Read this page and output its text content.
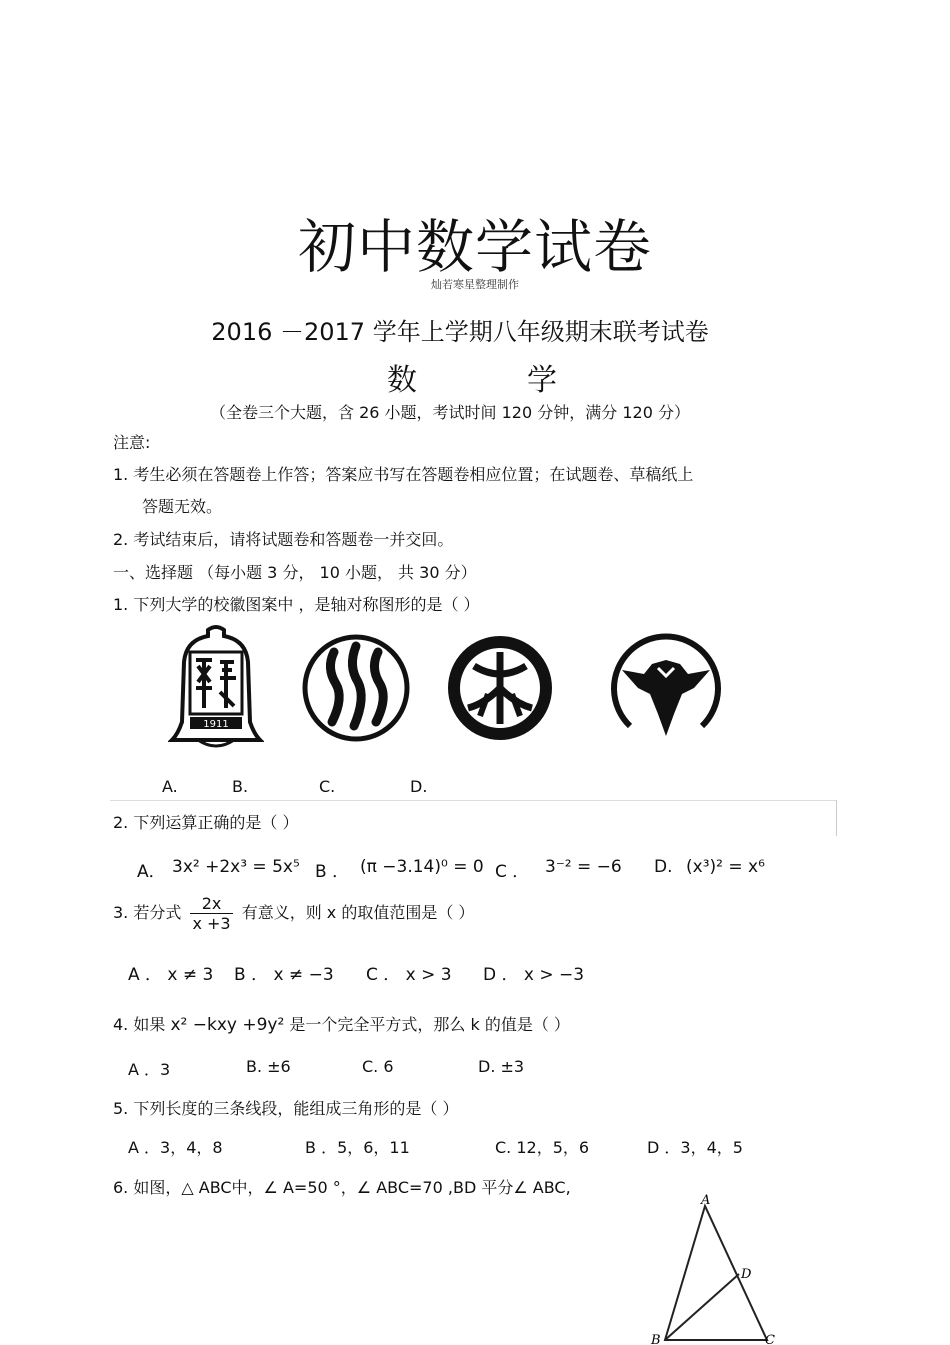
初中数学试卷
灿若寒星整理制作
2016 －2017 学年上学期八年级期末联考试卷
数	学
（全卷三个大题，含 26 小题，考试时间 120 分钟，满分 120 分）
注意:
1. 考生必须在答题卷上作答；答案应书写在答题卷相应位置；在试题卷、草稿纸上
答题无效。
2. 考试结束后，请将试题卷和答题卷一并交回。
一、选择题 （每小题 3 分， 10 小题， 共 30 分）
1. 下列大学的校徽图案中 ，是轴对称图形的是（ ）
1911
A.	B.	C.	D.
2. 下列运算正确的是（ ）
A． 3x² +2x³ = 5x⁵ B ． (π −3.14)⁰ = 0 C ． 3⁻² = −6 D. (x³)² = x⁶
3. 若分式 $\frac{2x}{x +3}$ 有意义，则 x 的取值范围是（ ）
A ． x ≠ 3 B ． x ≠ −3 C ． x > 3 D ． x > −3
4. 如果 x² −kxy +9y² 是一个完全平方式，那么 k 的值是（ ）
A ．3	B. ±6	C. 6	D. ±3
5. 下列长度的三条线段，能组成三角形的是（ ）
A ．3，4，8	B ．5，6，11	C. 12，5，6	D ．3，4，5
6. 如图，△ ABC中，∠ A=50 °，∠ ABC=70 ,BD 平分∠ ABC,
A
B	C
D
